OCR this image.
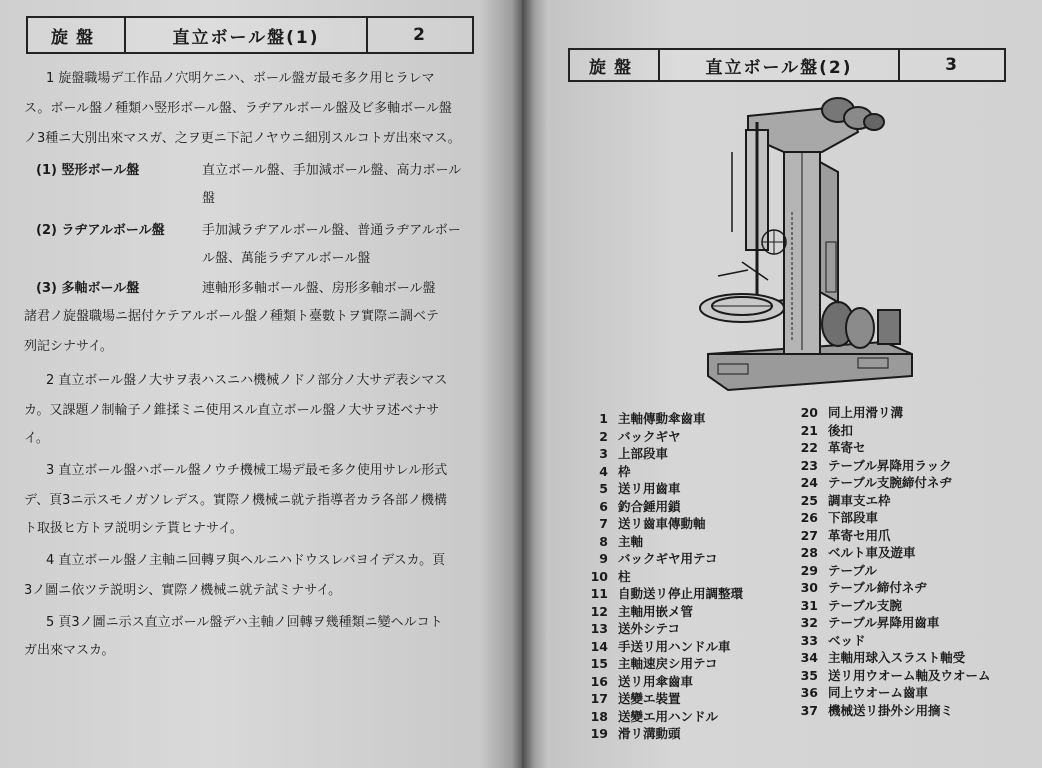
旋盤	直立ボール盤(1)	2
1 旋盤職場デ工作品ノ穴明ケニハ、ボール盤ガ最モ多ク用ヒラレマ
ス。ボール盤ノ種類ハ竪形ボール盤、ラヂアルボール盤及ビ多軸ボール盤
ノ3種ニ大別出來マスガ、之ヲ更ニ下記ノヤウニ細別スルコトガ出來マス。
(1) 竪形ボール盤	直立ボール盤、手加減ボール盤、高力ボール
盤
(2) ラヂアルボール盤	手加減ラヂアルボール盤、普通ラヂアルボー
ル盤、萬能ラヂアルボール盤
(3) 多軸ボール盤	連軸形多軸ボール盤、房形多軸ボール盤
諸君ノ旋盤職場ニ据付ケテアルボール盤ノ種類ト臺數トヲ實際ニ調ベテ
列記シナサイ。
2 直立ボール盤ノ大サヲ表ハスニハ機械ノドノ部分ノ大サデ表シマス
カ。又課題ノ制輪子ノ錐揉ミニ使用スル直立ボール盤ノ大サヲ述ベナサ
イ。
3 直立ボール盤ハボール盤ノウチ機械工場デ最モ多ク使用サレル形式
デ、頁3ニ示スモノガソレデス。實際ノ機械ニ就テ指導者カラ各部ノ機構
ト取扱ヒ方トヲ説明シテ貰ヒナサイ。
4 直立ボール盤ノ主軸ニ回轉ヲ與ヘルニハドウスレバヨイデスカ。頁
3ノ圖ニ依ツテ説明シ、實際ノ機械ニ就テ試ミナサイ。
5 頁3ノ圖ニ示ス直立ボール盤デハ主軸ノ回轉ヲ幾種類ニ變ヘルコト
ガ出來マスカ。
旋盤	直立ボール盤(2)	3
1 主軸傳動傘齒車
2 バックギヤ
3 上部段車
4 枠
5 送リ用齒車
6 釣合錘用鎖
7 送リ齒車傳動軸
8 主軸
9 バックギヤ用テコ
10 柱
11 自動送リ停止用調整環
12 主軸用嵌メ管
13 送外シテコ
14 手送リ用ハンドル車
15 主軸速戻シ用テコ
16 送リ用傘齒車
17 送變エ裝置
18 送變エ用ハンドル
19 滑リ溝動頭
20 同上用滑リ溝
21 後扣
22 革寄セ
23 テーブル昇降用ラック
24 テーブル支腕締付ネヂ
25 調車支エ枠
26 下部段車
27 革寄セ用爪
28 ベルト車及遊車
29 テーブル
30 テーブル締付ネヂ
31 テーブル支腕
32 テーブル昇降用齒車
33 ベッド
34 主軸用球入スラスト軸受
35 送リ用ウオーム軸及ウオーム
36 同上ウオーム齒車
37 機械送リ掛外シ用摘ミ
